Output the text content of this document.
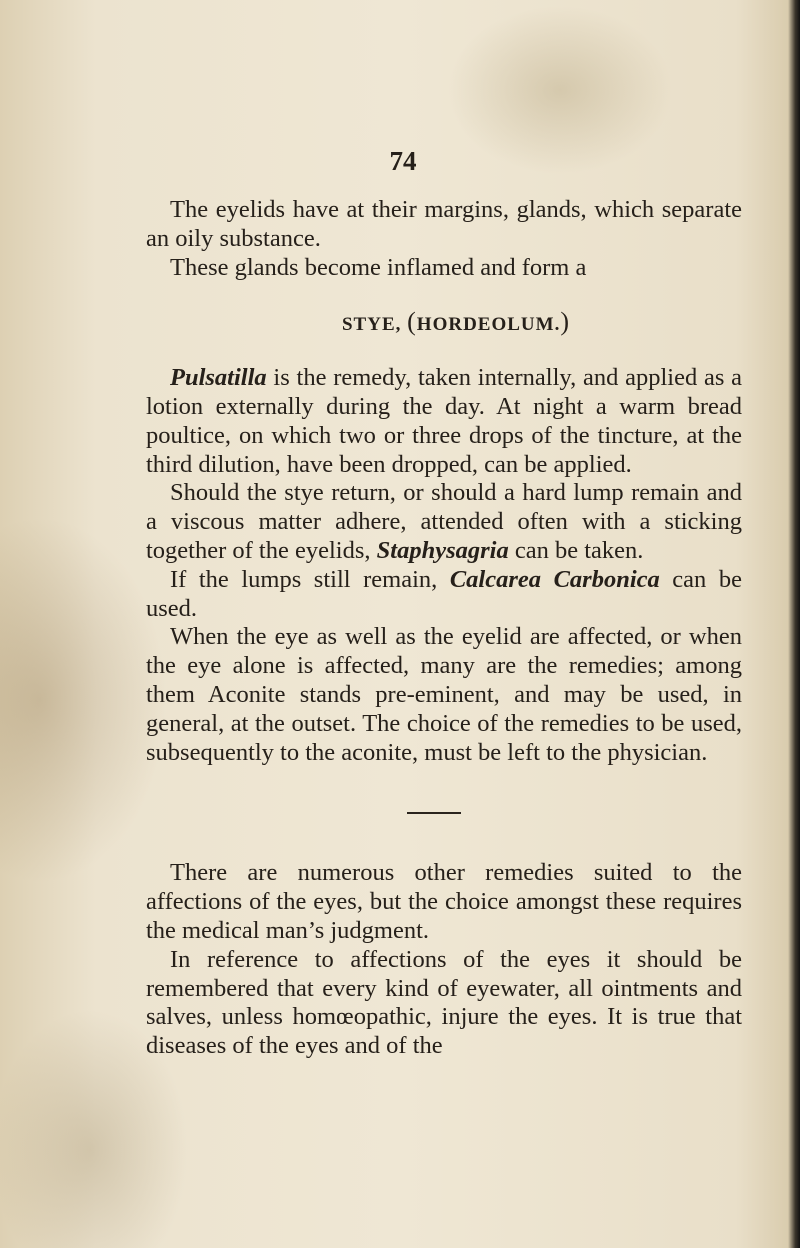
74

The eyelids have at their margins, glands, which separate an oily substance.

These glands become inflamed and form a

STYE, (HORDEOLUM.)

Pulsatilla is the remedy, taken internally, and applied as a lotion externally during the day. At night a warm bread poultice, on which two or three drops of the tincture, at the third dilution, have been dropped, can be applied.

Should the stye return, or should a hard lump remain and a viscous matter adhere, attended often with a sticking together of the eyelids, Staphysagria can be taken.

If the lumps still remain, Calcarea Carbonica can be used.

When the eye as well as the eyelid are affected, or when the eye alone is affected, many are the remedies; among them Aconite stands pre-eminent, and may be used, in general, at the outset. The choice of the remedies to be used, subsequently to the aconite, must be left to the physician.

There are numerous other remedies suited to the affections of the eyes, but the choice amongst these requires the medical man’s judgment.

In reference to affections of the eyes it should be remembered that every kind of eyewater, all ointments and salves, unless homœopathic, injure the eyes. It is true that diseases of the eyes and of the
